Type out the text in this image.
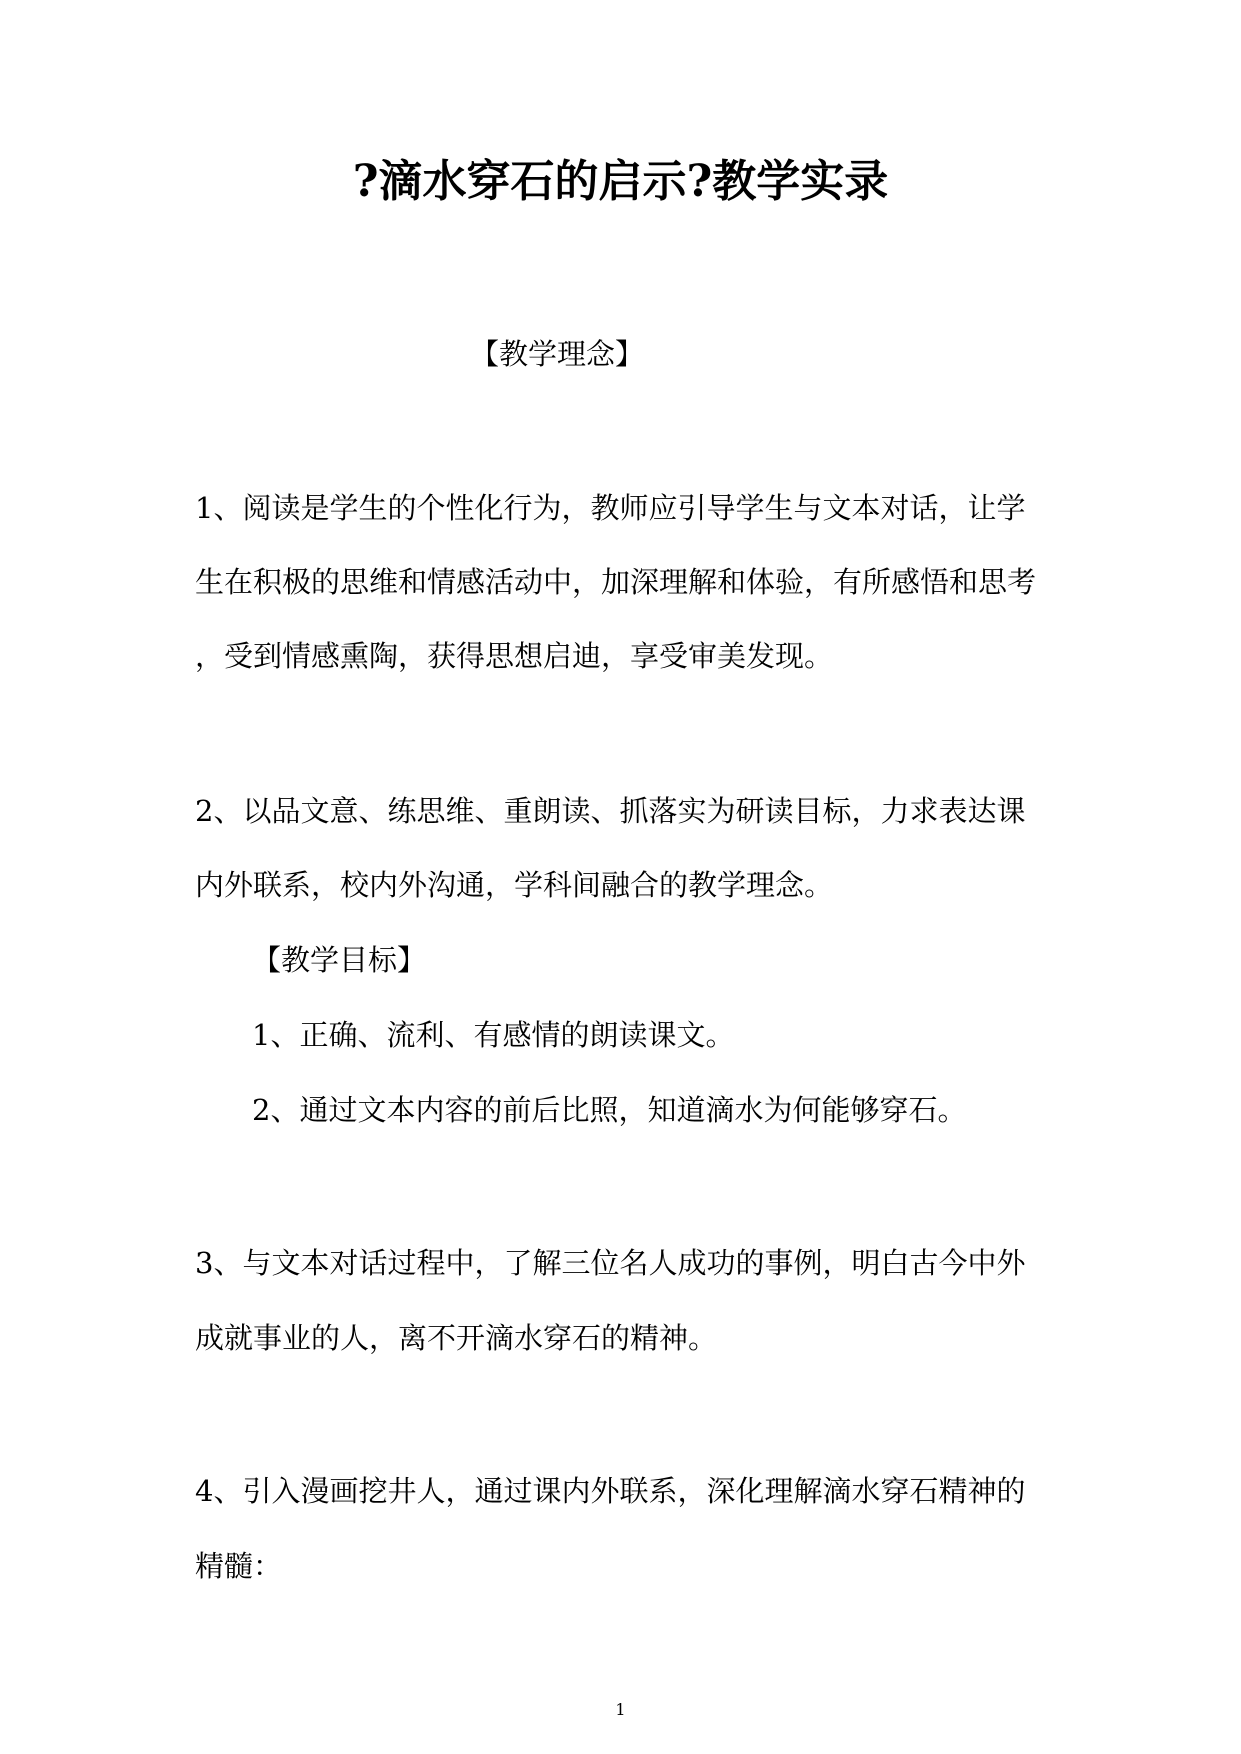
?滴水穿石的启示?教学实录
【教学理念】
1、阅读是学生的个性化行为，教师应引导学生与文本对话，让学
生在积极的思维和情感活动中，加深理解和体验，有所感悟和思考
，受到情感熏陶，获得思想启迪，享受审美发现。
2、以品文意、练思维、重朗读、抓落实为研读目标，力求表达课
内外联系，校内外沟通，学科间融合的教学理念。
【教学目标】
1、正确、流利、有感情的朗读课文。
2、通过文本内容的前后比照，知道滴水为何能够穿石。
3、与文本对话过程中，了解三位名人成功的事例，明白古今中外
成就事业的人，离不开滴水穿石的精神。
4、引入漫画挖井人，通过课内外联系，深化理解滴水穿石精神的
精髓：
1
